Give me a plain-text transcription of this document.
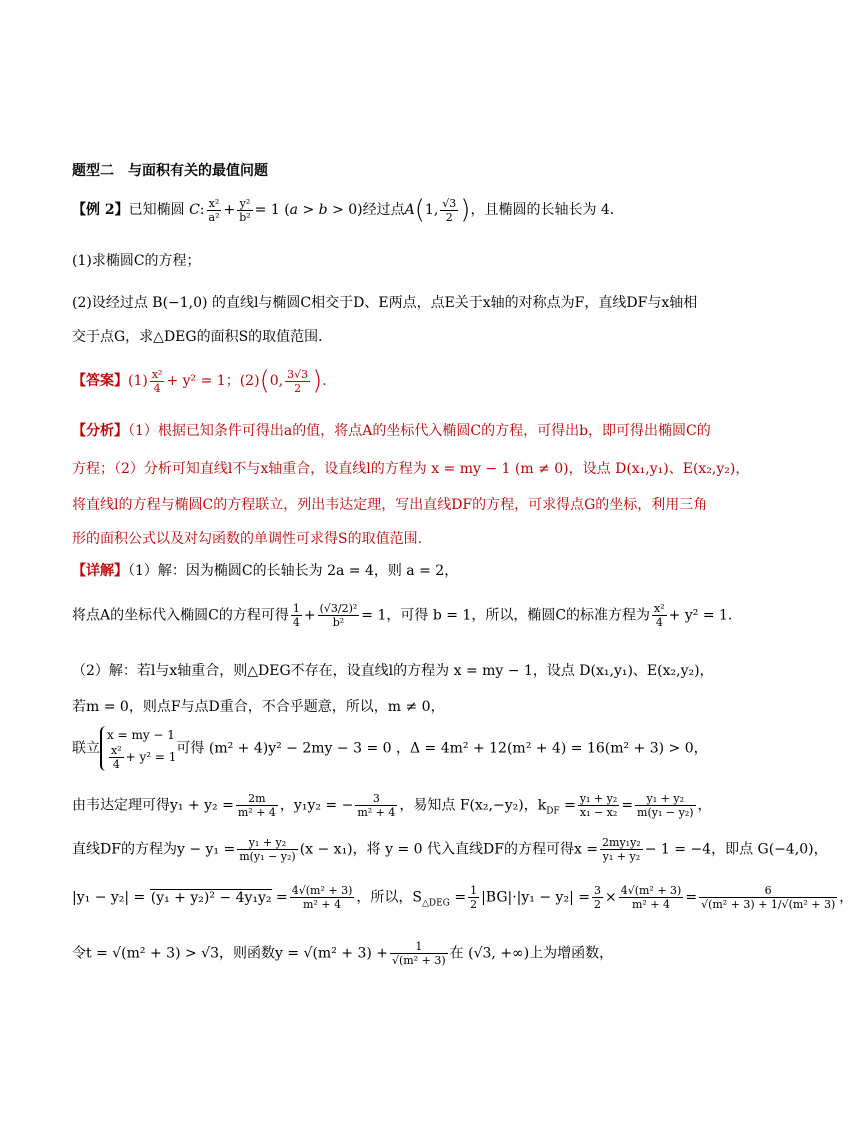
题型二　与面积有关的最值问题
【例 2】已知椭圆 C: $\frac{\text{x²}}{\text{a²}} + \frac{\text{y²}}{\text{b²}} = 1$ (a > b > 0)经过点A(1, $\frac{√3}{2}$ )，且椭圆的长轴长为 4．
(1)求椭圆C的方程；
(2)设经过点 B(−1,0) 的直线l与椭圆C相交于D、E两点，点E关于x轴的对称点为F，直线DF与x轴相
交于点G，求△DEG的面积S的取值范围．
【答案】$(1) \frac{\text{x²}}{4} + y^2 = 1$；(2)(0, $\frac{3√3}{2}$ ).
【分析】（1）根据已知条件可得出a的值，将点A的坐标代入椭圆C的方程，可得出b，即可得出椭圆C的
方程；（2）分析可知直线l不与x轴重合，设直线l的方程为 x = my − 1 (m ≠ 0)，设点 D(x₁,y₁)、E(x₂,y₂)，
将直线l的方程与椭圆C的方程联立，列出韦达定理，写出直线DF的方程，可求得点G的坐标，利用三角
形的面积公式以及对勾函数的单调性可求得S的取值范围.
【详解】（1）解：因为椭圆C的长轴长为 2a = 4，则 a = 2，
将点A的坐标代入椭圆C的方程可得 $\frac{1}{4} + \frac{\text{(√3/2)²}}{\text{b²}} = 1$，可得 b = 1，所以，椭圆C的标准方程为 $\frac{\text{x²}}{4} + y^2 = 1$.
（2）解：若l与x轴重合，则△DEG不存在，设直线l的方程为 x = my − 1，设点 D(x₁,y₁)、E(x₂,y₂)，
若m = 0，则点F与点D重合，不合乎题意，所以，m ≠ 0，
联立
x = my − 1
$\frac{\text{x²}}{4} + y^2 = 1$
可得 (m² + 4)y² − 2my − 3 = 0 ，Δ = 4m² + 12(m² + 4) = 16(m² + 3) > 0，
由韦达定理可得$y_1 + y_2 = \frac{2m}{\text{m² + 4}}$ ，y₁y₂ = − $\frac{3}{\text{m² + 4}}$ ，易知点 F(x₂,−y₂)，$k_{DF} = \frac{\text{y₁ + y₂}}{\text{x₁ − x₂}} = \frac{\text{y₁ + y₂}}{\text{m(y₁ − y₂)}}$ ，
直线DF的方程为$y - y_1 = \frac{\text{y₁ + y₂}}{\text{m(y₁ − y₂)}} (x - x_1)$，将 y = 0 代入直线DF的方程可得$x = \frac{\text{2my₁y₂}}{\text{y₁ + y₂}} - 1 = -4$，即点 G(−4,0)，
$|y_1 - y_2| = (y_1 + y_2)^2 - 4y_1y_2 = \frac{\text{4√(m² + 3)}}{\text{m² + 4}}$ ，所以，$S_{\triangle DEG} = \frac{1}{2} |BG|\cdot|y_1 - y_2| = \frac{3}{2} \times \frac{\text{4√(m² + 3)}}{\text{m² + 4}} = \frac{6}{\text{√(m² + 3) + 1/√(m² + 3)}}$ ，
令t = √(m² + 3) > √3，则函数$y = √(m^2 + 3) + \frac{1}{\text{√(m² + 3)}}$ 在 (√3, +∞)上为增函数，
